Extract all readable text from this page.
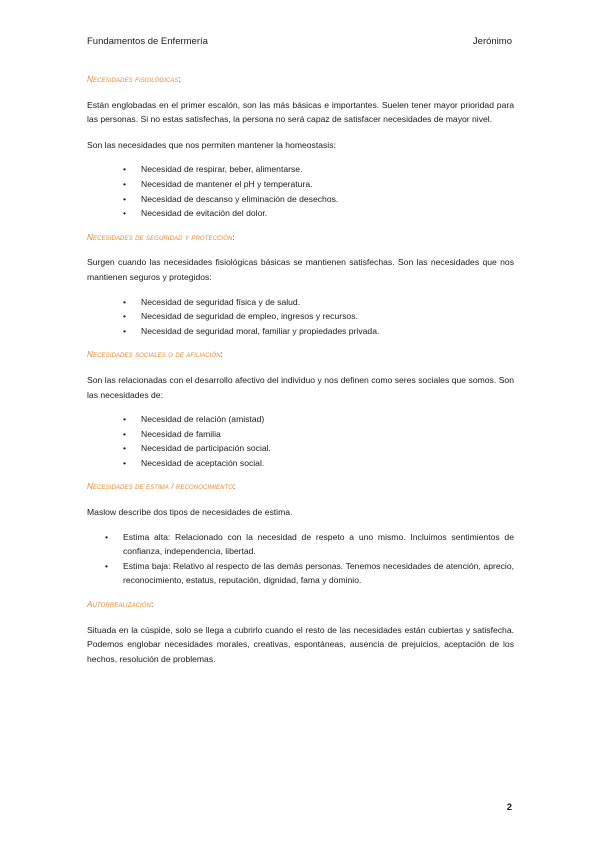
Fundamentos de Enfermería	Jerónimo

Necesidades fisiológicas:

Están englobadas en el primer escalón, son las más básicas e importantes. Suelen tener mayor prioridad para las personas. Si no estas satisfechas, la persona no será capaz de satisfacer necesidades de mayor nivel.

Son las necesidades que nos permiten mantener la homeostasis:

• Necesidad de respirar, beber, alimentarse.
• Necesidad de mantener el pH y temperatura.
• Necesidad de descanso y eliminación de desechos.
• Necesidad de evitación del dolor.

Necesidades de seguridad y protección:

Surgen cuando las necesidades fisiológicas básicas se mantienen satisfechas. Son las necesidades que nos mantienen seguros y protegidos:

• Necesidad de seguridad física y de salud.
• Necesidad de seguridad de empleo, ingresos y recursos.
• Necesidad de seguridad moral, familiar y propiedades privada.

Necesidades sociales o de afiliación:

Son las relacionadas con el desarrollo afectivo del individuo y nos definen como seres sociales que somos. Son las necesidades de:

• Necesidad de relación (amistad)
• Necesidad de familia
• Necesidad de participación social.
• Necesidad de aceptación social.

Necesidades de estima / reconocimiento:

Maslow describe dos tipos de necesidades de estima.

• Estima alta: Relacionado con la necesidad de respeto a uno mismo. Incluimos sentimientos de confianza, independencia, libertad.
• Estima baja: Relativo al respecto de las demás personas. Tenemos necesidades de atención, aprecio, reconocimiento, estatus, reputación, dignidad, fama y dominio.

Autorrealización:

Situada en la cúspide, solo se llega a cubrirlo cuando el resto de las necesidades están cubiertas y satisfecha. Podemos englobar necesidades morales, creativas, espontáneas, ausencia de prejuicios, aceptación de los hechos, resolución de problemas.

2
